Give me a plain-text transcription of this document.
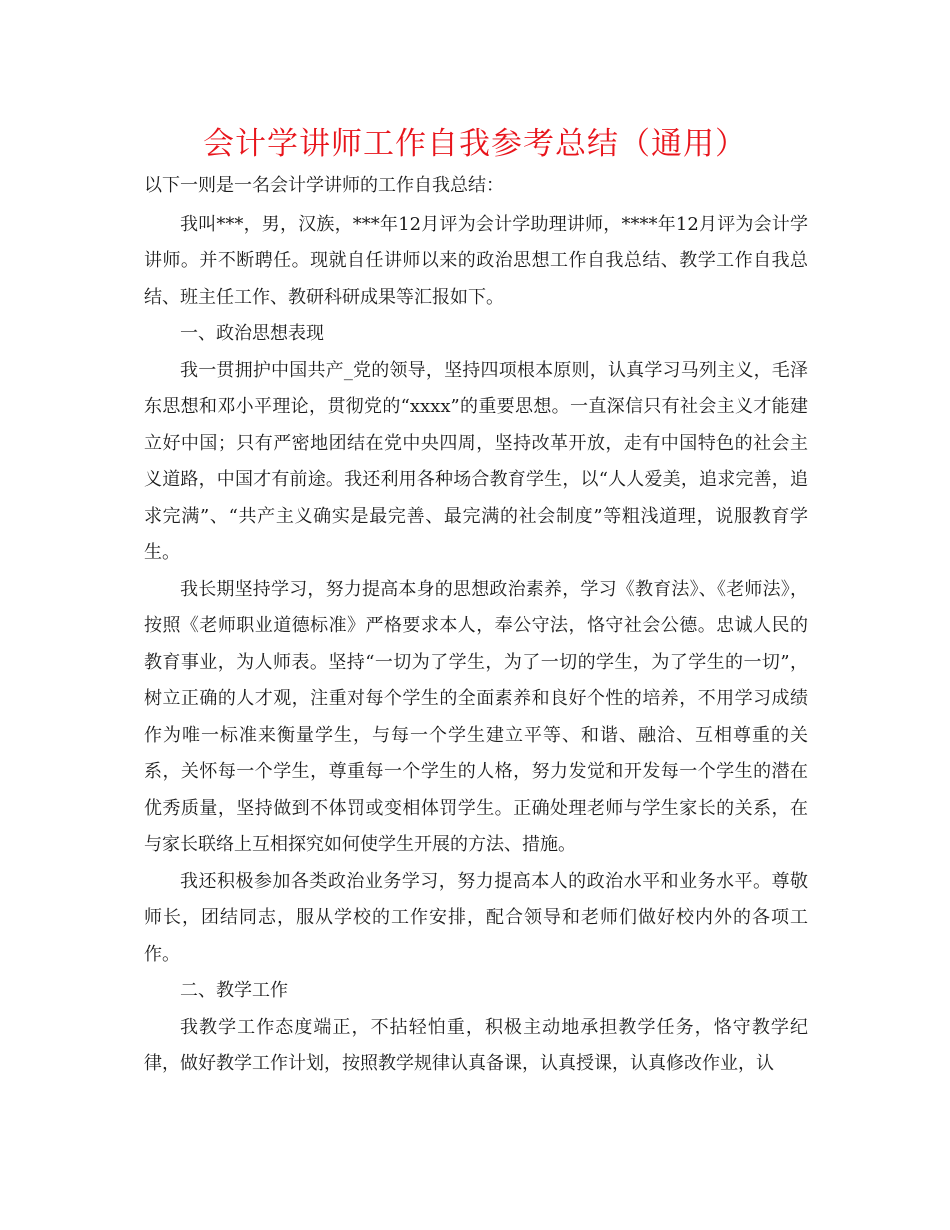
会计学讲师工作自我参考总结（通用）

以下一则是一名会计学讲师的工作自我总结：

我叫***，男，汉族，***年12月评为会计学助理讲师，****年12月评为会计学讲师。并不断聘任。现就自任讲师以来的政治思想工作自我总结、教学工作自我总结、班主任工作、教研科研成果等汇报如下。

一、政治思想表现

我一贯拥护中国共产_党的领导，坚持四项根本原则，认真学习马列主义，毛泽东思想和邓小平理论，贯彻党的“xxxx”的重要思想。一直深信只有社会主义才能建立好中国；只有严密地团结在党中央四周，坚持改革开放，走有中国特色的社会主义道路，中国才有前途。我还利用各种场合教育学生，以“人人爱美，追求完善，追求完满”、“共产主义确实是最完善、最完满的社会制度”等粗浅道理，说服教育学生。

我长期坚持学习，努力提高本身的思想政治素养，学习《教育法》、《老师法》，按照《老师职业道德标准》严格要求本人，奉公守法，恪守社会公德。忠诚人民的教育事业，为人师表。坚持“一切为了学生，为了一切的学生，为了学生的一切”，树立正确的人才观，注重对每个学生的全面素养和良好个性的培养，不用学习成绩作为唯一标准来衡量学生，与每一个学生建立平等、和谐、融洽、互相尊重的关系，关怀每一个学生，尊重每一个学生的人格，努力发觉和开发每一个学生的潜在优秀质量，坚持做到不体罚或变相体罚学生。正确处理老师与学生家长的关系，在与家长联络上互相探究如何使学生开展的方法、措施。

我还积极参加各类政治业务学习，努力提高本人的政治水平和业务水平。尊敬师长，团结同志，服从学校的工作安排，配合领导和老师们做好校内外的各项工作。

二、教学工作

我教学工作态度端正，不拈轻怕重，积极主动地承担教学任务，恪守教学纪律，做好教学工作计划，按照教学规律认真备课，认真授课，认真修改作业，认
